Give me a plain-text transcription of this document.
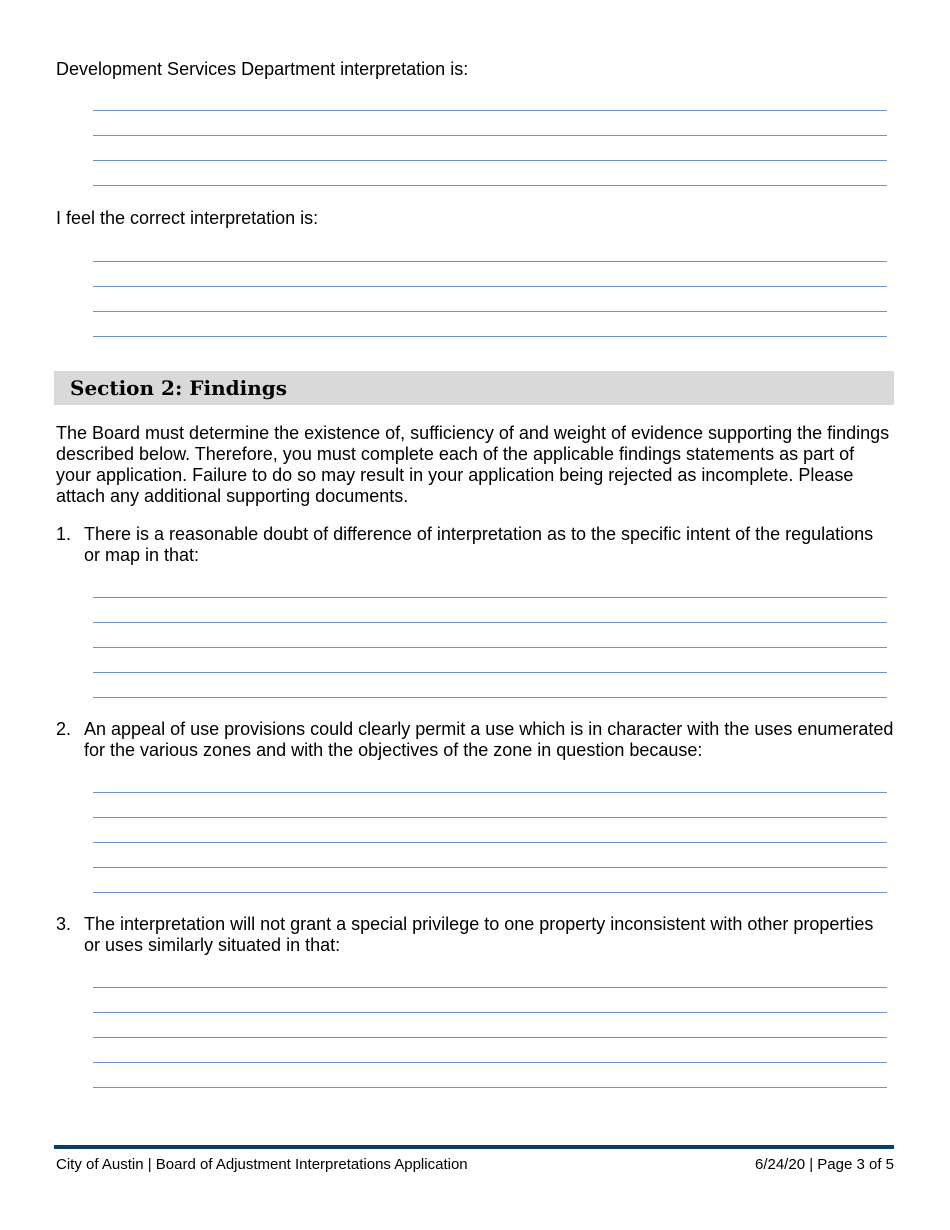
Development Services Department interpretation is:
I feel the correct interpretation is:
Section 2: Findings
The Board must determine the existence of, sufficiency of and weight of evidence supporting the findings described below. Therefore, you must complete each of the applicable findings statements as part of your application. Failure to do so may result in your application being rejected as incomplete. Please attach any additional supporting documents.
1. There is a reasonable doubt of difference of interpretation as to the specific intent of the regulations or map in that:
2. An appeal of use provisions could clearly permit a use which is in character with the uses enumerated for the various zones and with the objectives of the zone in question because:
3. The interpretation will not grant a special privilege to one property inconsistent with other properties or uses similarly situated in that:
City of Austin | Board of Adjustment Interpretations Application	6/24/20 | Page 3 of 5
